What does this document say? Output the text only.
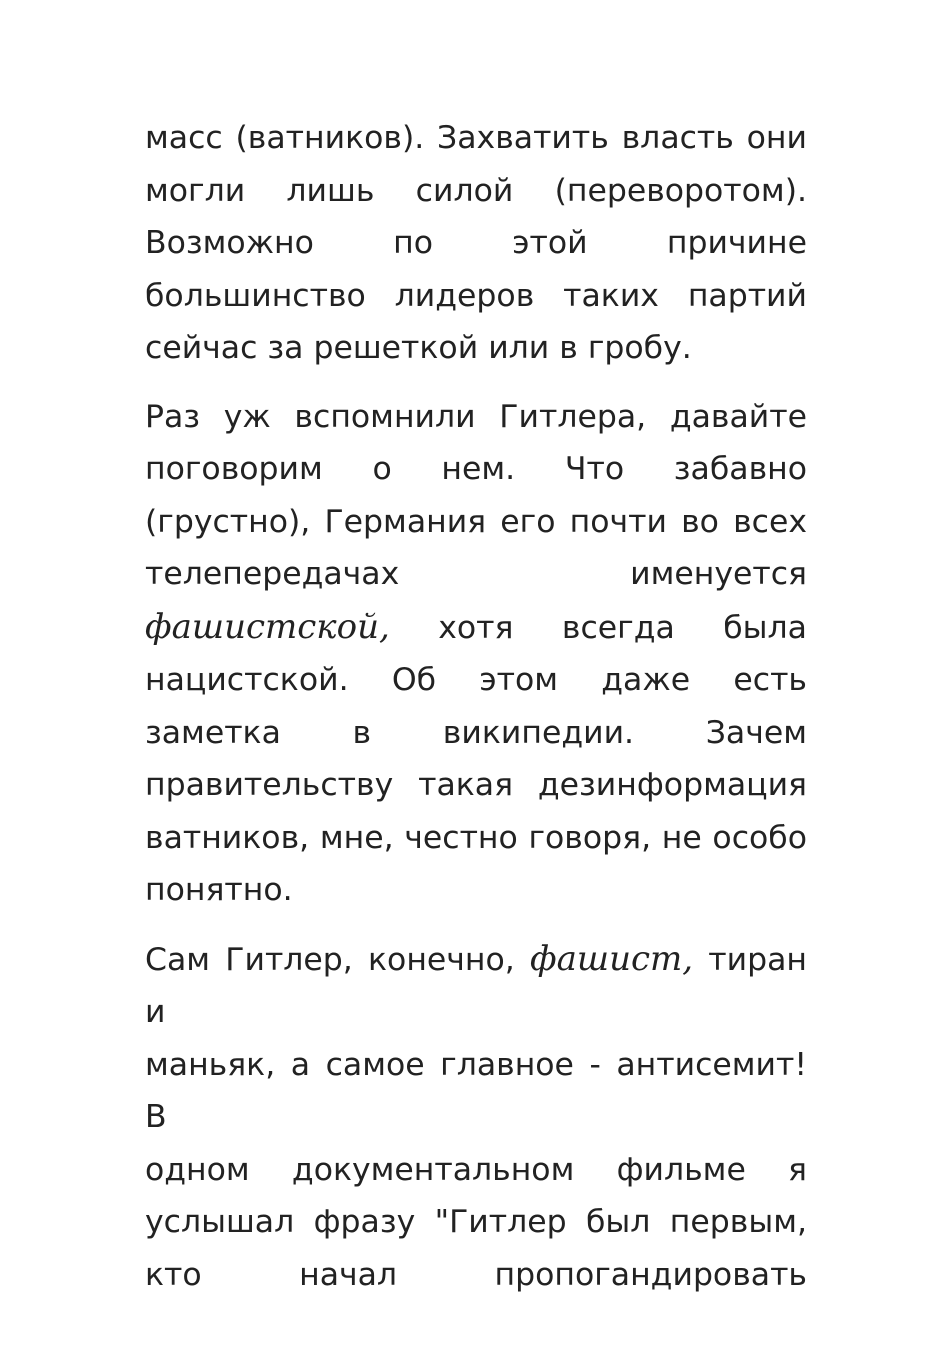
масс (ватников). Захватить власть они
могли лишь силой (переворотом).
Возможно по этой причине
большинство лидеров таких партий
сейчас за решеткой или в гробу.
Раз уж вспомнили Гитлера, давайте
поговорим о нем. Что забавно
(грустно), Германия его почти во всех
телепередачах именуется
фашистской, хотя всегда была
нацистской. Об этом даже есть
заметка в википедии. Зачем
правительству такая дезинформация
ватников, мне, честно говоря, не особо
понятно.
Сам Гитлер, конечно, фашист, тиран и
маньяк, а самое главное - антисемит! В
одном документальном фильме я
услышал фразу "Гитлер был первым,
кто начал пропогандировать
